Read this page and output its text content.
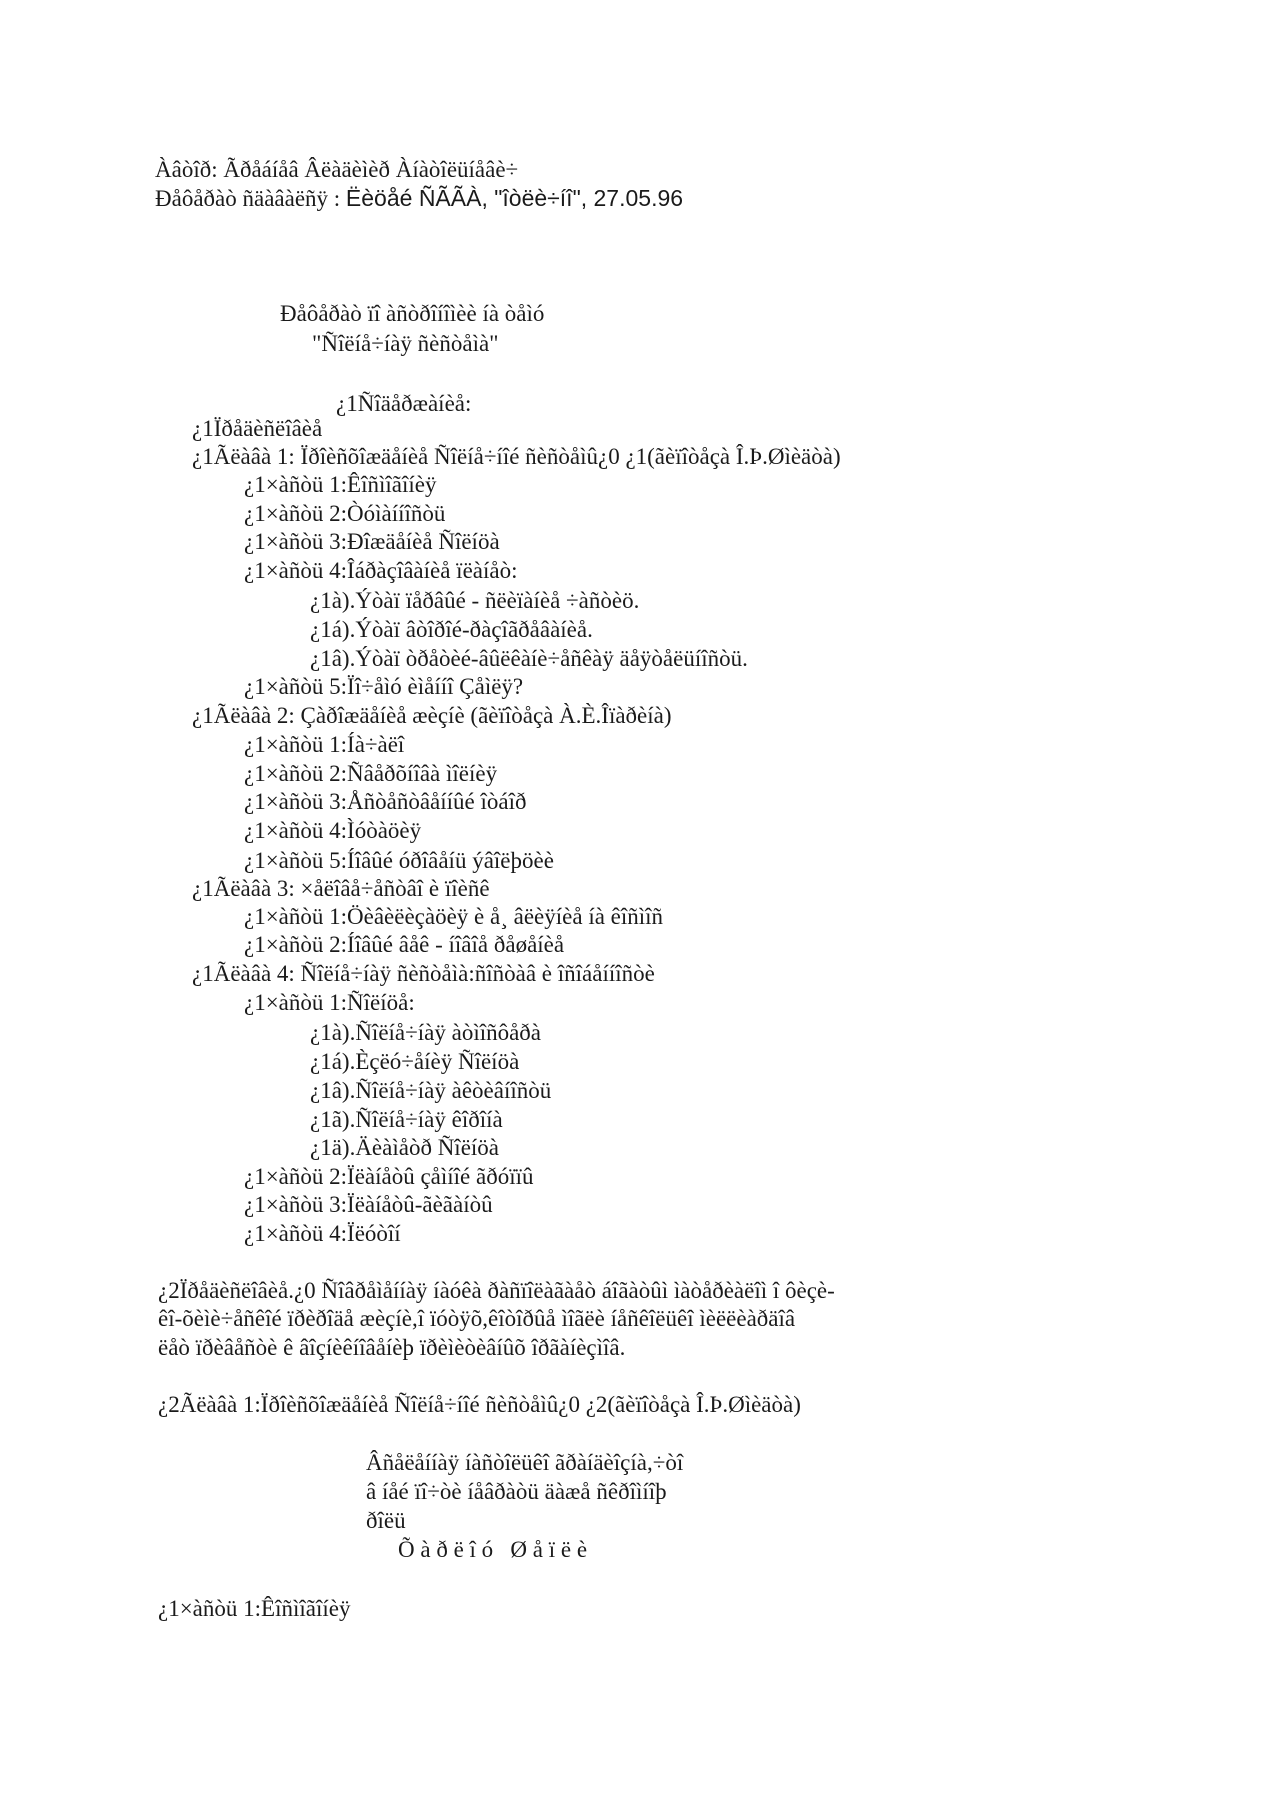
Àâòîð: Ãðåáíåâ Âëàäèìèð Àíàòîëüíåâè÷
Ðåôåðàò ñäàâàëñÿ : Ëèöåé ÑÃÃÀ, "îòëè÷íî", 27.05.96
Ðåôåðàò ïî àñòðîíîìèè íà òåìó
"Ñîëíå÷íàÿ ñèñòåìà"
¿1Ñîäåðæàíèå:
¿1Ïðåäèñëîâèå
¿1Ãëàâà 1: Ïðîèñõîæäåíèå Ñîëíå÷íîé ñèñòåìû¿0 ¿1(ãèïîòåçà Î.Þ.Øìèäòà)
¿1×àñòü 1:Êîñìîãîíèÿ
¿1×àñòü 2:Òóìàííîñòü
¿1×àñòü 3:Ðîæäåíèå Ñîëíöà
¿1×àñòü 4:Îáðàçîâàíèå ïëàíåò:
¿1à).Ýòàï ïåðâûé - ñëèïàíèå ÷àñòèö.
¿1á).Ýòàï âòîðîé-ðàçîãðåâàíèå.
¿1â).Ýòàï òðåòèé-âûëêàíè÷åñêàÿ äåÿòåëüíîñòü.
¿1×àñòü 5:Ïî÷åìó èìåííî Çåìëÿ?
¿1Ãëàâà 2: Çàðîæäåíèå æèçíè (ãèïîòåçà À.È.Îïàðèíà)
¿1×àñòü 1:Íà÷àëî
¿1×àñòü 2:Ñâåðõíîâà ìîëíèÿ
¿1×àñòü 3:Åñòåñòâåííûé îòáîð
¿1×àñòü 4:Ìóòàöèÿ
¿1×àñòü 5:Íîâûé óðîâåíü ýâîëþöèè
¿1Ãëàâà 3: ×åëîâå÷åñòâî è ïîèñê
¿1×àñòü 1:Öèâèëèçàöèÿ è å¸ âëèÿíèå íà êîñìîñ
¿1×àñòü 2:Íîâûé âåê - íîâîå ðåøåíèå
¿1Ãëàâà 4: Ñîëíå÷íàÿ ñèñòåìà:ñîñòàâ è îñîáåííîñòè
¿1×àñòü 1:Ñîëíöå:
¿1à).Ñîëíå÷íàÿ àòìîñôåðà
¿1á).Èçëó÷åíèÿ Ñîëíöà
¿1â).Ñîëíå÷íàÿ àêòèâíîñòü
¿1ã).Ñîëíå÷íàÿ êîðîíà
¿1ä).Äèàìåòð Ñîëíöà
¿1×àñòü 2:Ïëàíåòû çåìíîé ãðóïïû
¿1×àñòü 3:Ïëàíåòû-ãèãàíòû
¿1×àñòü 4:Ïëóòîí
¿2Ïðåäèñëîâèå.¿0 Ñîâðåìåííàÿ íàóêà ðàñïîëàãàåò áîãàòûì ìàòåðèàëîì î ôèçè-
êî-õèìè÷åñêîé ïðèðîäå æèçíè,î ïóòÿõ,êîòîðûå ìîãëè íåñêîëüêî ìèëëèàðäîâ
ëåò ïðèâåñòè ê âîçíèêíîâåíèþ ïðèìèòèâíûõ îðãàíèçìîâ.
¿2Ãëàâà 1:Ïðîèñõîæäåíèå Ñîëíå÷íîé ñèñòåìû¿0 ¿2(ãèïîòåçà Î.Þ.Øìèäòà)
Âñåëåííàÿ íàñòîëüêî ãðàíäèîçíà,÷òî
â íåé ïî÷òè íåâðàòü äàæå ñêðîìíîþ
ðîëü
Õ à ð ë î ó   Ø å ï ë è
¿1×àñòü 1:Êîñìîãîíèÿ
